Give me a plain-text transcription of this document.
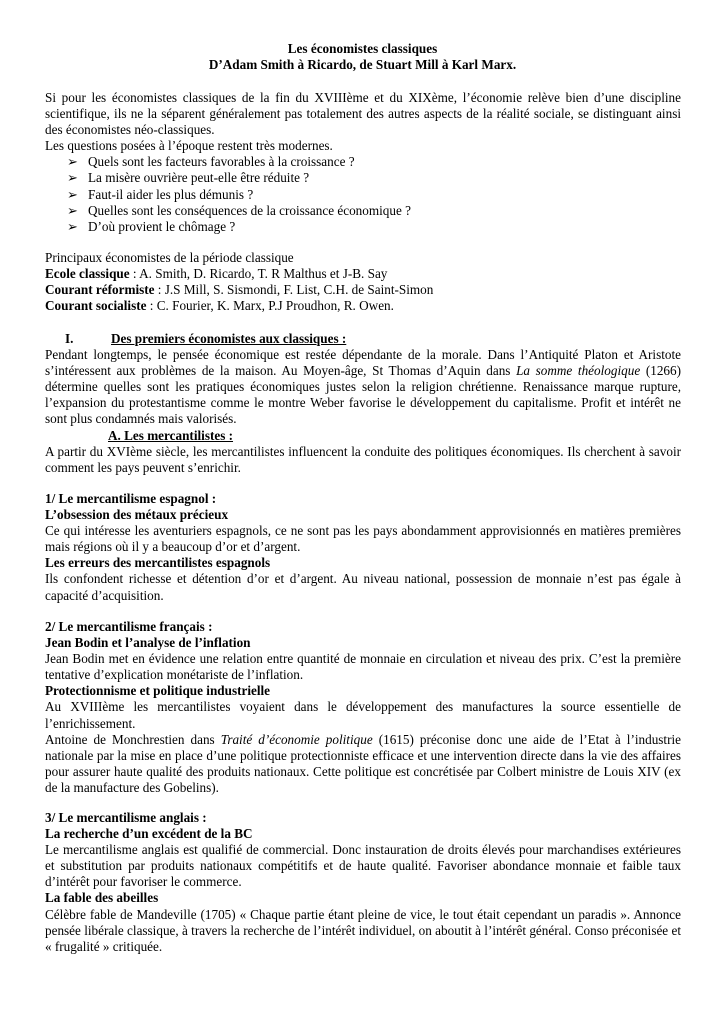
Les économistes classiques
D’Adam Smith à Ricardo, de Stuart Mill à Karl Marx.
Si pour les économistes classiques de la fin du XVIIIème et du XIXème, l’économie relève bien d’une discipline scientifique, ils ne la séparent généralement pas totalement des autres aspects de la réalité sociale, se distinguant ainsi des économistes néo-classiques.
Les questions posées à l’époque restent très modernes.
➢ Quels sont les facteurs favorables à la croissance ?
➢ La misère ouvrière peut-elle être réduite ?
➢ Faut-il aider les plus démunis ?
➢ Quelles sont les conséquences de la croissance économique ?
➢ D’où provient le chômage ?
Principaux économistes de la période classique
Ecole classique : A. Smith, D. Ricardo, T. R Malthus et J-B. Say
Courant réformiste : J.S Mill, S. Sismondi, F. List, C.H. de Saint-Simon
Courant socialiste : C. Fourier, K. Marx, P.J Proudhon, R. Owen.
I.	Des premiers économistes aux classiques :
Pendant longtemps, le pensée économique est restée dépendante de la morale. Dans l’Antiquité Platon et Aristote s’intéressent aux problèmes de la maison. Au Moyen-âge, St Thomas d’Aquin dans La somme théologique (1266) détermine quelles sont les pratiques économiques justes selon la religion chrétienne. Renaissance marque rupture, l’expansion du protestantisme comme le montre Weber favorise le développement du capitalisme. Profit et intérêt ne sont plus condamnés mais valorisés.
A. Les mercantilistes :
A partir du XVIème siècle, les mercantilistes influencent la conduite des politiques économiques. Ils cherchent à savoir comment les pays peuvent s’enrichir.
1/ Le mercantilisme espagnol :
L’obsession des métaux précieux
Ce qui intéresse les aventuriers espagnols, ce ne sont pas les pays abondamment approvisionnés en matières premières mais régions où il y a beaucoup d’or et d’argent.
Les erreurs des mercantilistes espagnols
Ils confondent richesse et détention d’or et d’argent. Au niveau national, possession de monnaie n’est pas égale à capacité d’acquisition.
2/ Le mercantilisme français :
Jean Bodin et l’analyse de l’inflation
Jean Bodin met en évidence une relation entre quantité de monnaie en circulation et niveau des prix. C’est la première tentative d’explication monétariste de l’inflation.
Protectionnisme et politique industrielle
Au XVIIIème les mercantilistes voyaient dans le développement des manufactures la source essentielle de l’enrichissement.
Antoine de Monchrestien dans Traité d’économie politique (1615) préconise donc une aide de l’Etat à l’industrie nationale par la mise en place d’une politique protectionniste efficace et une intervention directe dans la vie des affaires pour assurer haute qualité des produits nationaux. Cette politique est concrétisée par Colbert ministre de Louis XIV (ex de la manufacture des Gobelins).
3/ Le mercantilisme anglais :
La recherche d’un excédent de la BC
Le mercantilisme anglais est qualifié de commercial. Donc instauration de droits élevés pour marchandises extérieures et substitution par produits nationaux compétitifs et de haute qualité. Favoriser abondance monnaie et faible taux d’intérêt pour favoriser le commerce.
La fable des abeilles
Célèbre fable de Mandeville (1705) « Chaque partie étant pleine de vice, le tout était cependant un paradis ». Annonce pensée libérale classique, à travers la recherche de l’intérêt individuel, on aboutit à l’intérêt général. Conso préconisée et « frugalité » critiquée.
